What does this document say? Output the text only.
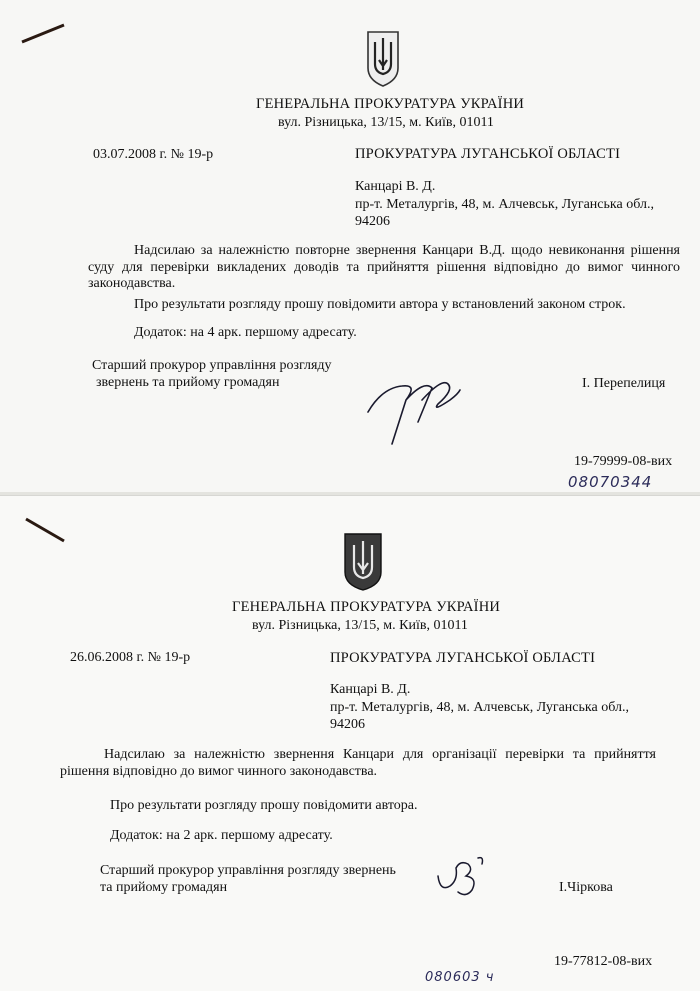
ГЕНЕРАЛЬНА ПРОКУРАТУРА УКРАЇНИ
вул. Різницька, 13/15, м. Київ, 01011
03.07.2008 г. № 19-р	ПРОКУРАТУРА ЛУГАНСЬКОЇ ОБЛАСТІ
Канцарі В. Д.
пр-т. Металургів, 48, м. Алчевськ, Луганська обл.,
94206
Надсилаю за належністю повторне звернення Канцари В.Д. щодо невиконання рішення суду для перевірки викладених доводів та прийняття рішення відповідно до вимог чинного законодавства.
Про результати розгляду прошу повідомити автора у встановлений законом строк.
Додаток: на 4 арк. першому адресату.
Старший прокурор управління розгляду
звернень та прийому громадян	І. Перепелиця
19-79999-08-вих
08070344
ГЕНЕРАЛЬНА ПРОКУРАТУРА УКРАЇНИ
вул. Різницька, 13/15, м. Київ, 01011
26.06.2008 г. № 19-р	ПРОКУРАТУРА ЛУГАНСЬКОЇ ОБЛАСТІ
Канцарі В. Д.
пр-т. Металургів, 48, м. Алчевськ, Луганська обл.,
94206
Надсилаю за належністю звернення Канцари для організації перевірки та прийняття рішення відповідно до вимог чинного законодавства.
Про результати розгляду прошу повідомити автора.
Додаток: на 2 арк. першому адресату.
Старший прокурор управління розгляду звернень
та прийому громадян	І.Чіркова
19-77812-08-вих
080603 ч
